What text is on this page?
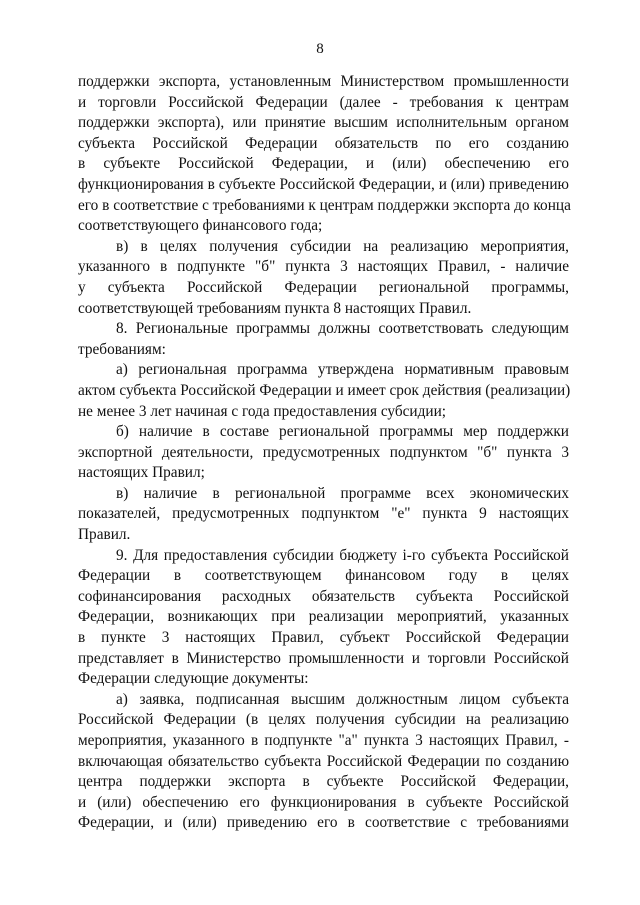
8

поддержки экспорта, установленным Министерством промышленности
и торговли Российской Федерации (далее - требования к центрам
поддержки экспорта), или принятие высшим исполнительным органом
субъекта Российской Федерации обязательств по его созданию
в субъекте Российской Федерации, и (или) обеспечению его
функционирования в субъекте Российской Федерации, и (или) приведению
его в соответствие с требованиями к центрам поддержки экспорта до конца
соответствующего финансового года;

в) в целях получения субсидии на реализацию мероприятия,
указанного в подпункте "б" пункта 3 настоящих Правил, - наличие
у субъекта Российской Федерации региональной программы,
соответствующей требованиям пункта 8 настоящих Правил.

8. Региональные программы должны соответствовать следующим
требованиям:

а) региональная программа утверждена нормативным правовым
актом субъекта Российской Федерации и имеет срок действия (реализации)
не менее 3 лет начиная с года предоставления субсидии;

б) наличие в составе региональной программы мер поддержки
экспортной деятельности, предусмотренных подпунктом "б" пункта 3
настоящих Правил;

в) наличие в региональной программе всех экономических
показателей, предусмотренных подпунктом "е" пункта 9 настоящих
Правил.

9. Для предоставления субсидии бюджету i-го субъекта Российской
Федерации в соответствующем финансовом году в целях
софинансирования расходных обязательств субъекта Российской
Федерации, возникающих при реализации мероприятий, указанных
в пункте 3 настоящих Правил, субъект Российской Федерации
представляет в Министерство промышленности и торговли Российской
Федерации следующие документы:

а) заявка, подписанная высшим должностным лицом субъекта
Российской Федерации (в целях получения субсидии на реализацию
мероприятия, указанного в подпункте "а" пункта 3 настоящих Правил, -
включающая обязательство субъекта Российской Федерации по созданию
центра поддержки экспорта в субъекте Российской Федерации,
и (или) обеспечению его функционирования в субъекте Российской
Федерации, и (или) приведению его в соответствие с требованиями
